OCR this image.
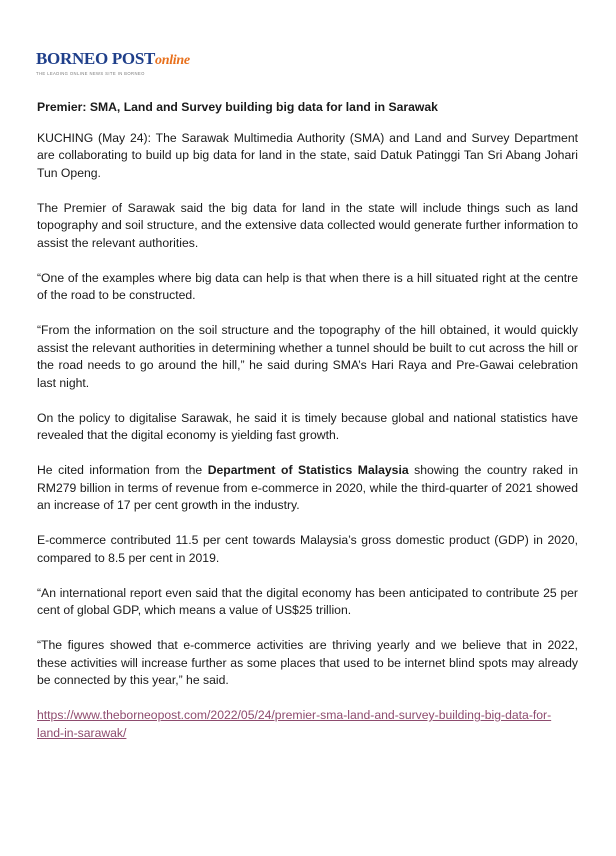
BORNEO POSTonline
THE LEADING ONLINE NEWS SITE IN BORNEO
Premier: SMA, Land and Survey building big data for land in Sarawak

KUCHING (May 24): The Sarawak Multimedia Authority (SMA) and Land and Survey Department are collaborating to build up big data for land in the state, said Datuk Patinggi Tan Sri Abang Johari Tun Openg.

The Premier of Sarawak said the big data for land in the state will include things such as land topography and soil structure, and the extensive data collected would generate further information to assist the relevant authorities.

“One of the examples where big data can help is that when there is a hill situated right at the centre of the road to be constructed.

“From the information on the soil structure and the topography of the hill obtained, it would quickly assist the relevant authorities in determining whether a tunnel should be built to cut across the hill or the road needs to go around the hill,” he said during SMA’s Hari Raya and Pre-Gawai celebration last night.

On the policy to digitalise Sarawak, he said it is timely because global and national statistics have revealed that the digital economy is yielding fast growth.

He cited information from the Department of Statistics Malaysia showing the country raked in RM279 billion in terms of revenue from e-commerce in 2020, while the third-quarter of 2021 showed an increase of 17 per cent growth in the industry.

E-commerce contributed 11.5 per cent towards Malaysia’s gross domestic product (GDP) in 2020, compared to 8.5 per cent in 2019.

“An international report even said that the digital economy has been anticipated to contribute 25 per cent of global GDP, which means a value of US$25 trillion.

“The figures showed that e-commerce activities are thriving yearly and we believe that in 2022, these activities will increase further as some places that used to be internet blind spots may already be connected by this year,” he said.

https://www.theborneopost.com/2022/05/24/premier-sma-land-and-survey-building-big-data-for-land-in-sarawak/
